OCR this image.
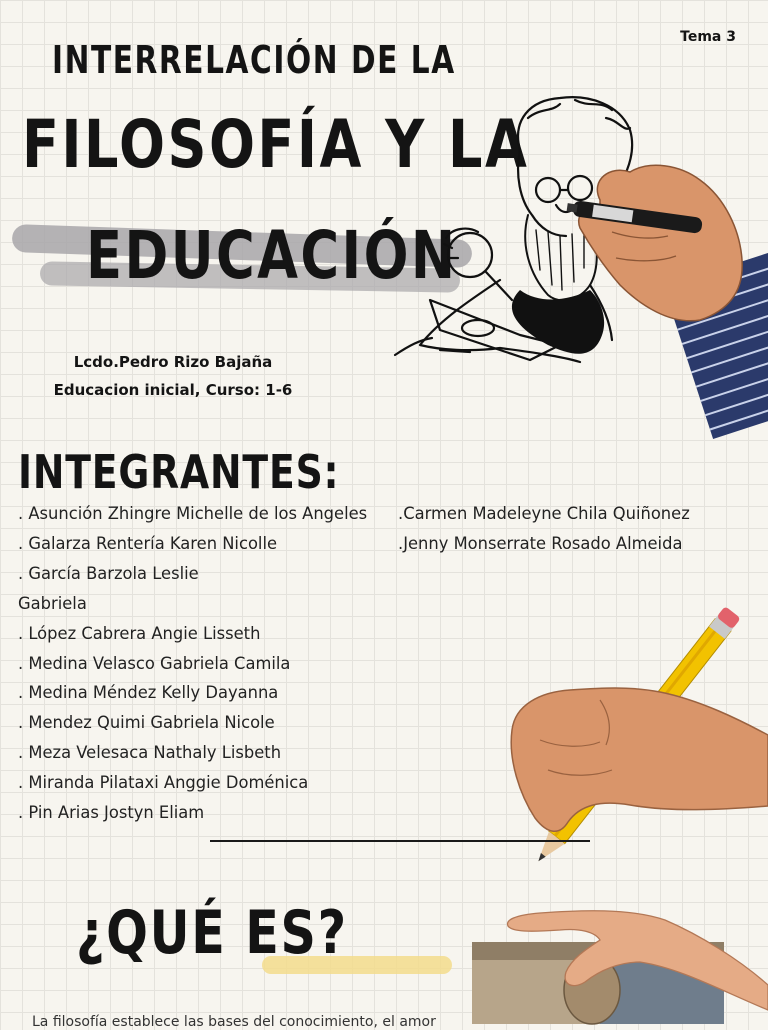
Tema 3
INTERRELACIÓN DE LA
FILOSOFÍA Y LA
EDUCACIÓN
Lcdo.Pedro Rizo Bajaña
Educacion inicial, Curso: 1-6
INTEGRANTES:
. Asunción Zhingre Michelle de los Angeles
. Galarza Rentería Karen Nicolle
. García Barzola Leslie
Gabriela
. López Cabrera Angie Lisseth
. Medina Velasco Gabriela Camila
. Medina Méndez Kelly Dayanna
. Mendez Quimi Gabriela Nicole
. Meza Velesaca Nathaly Lisbeth
. Miranda Pilataxi Anggie Doménica
. Pin Arias Jostyn Eliam
.Carmen Madeleyne Chila Quiñonez
.Jenny Monserrate Rosado Almeida
¿QUÉ ES?
La filosofía establece las bases del conocimiento, el amor
